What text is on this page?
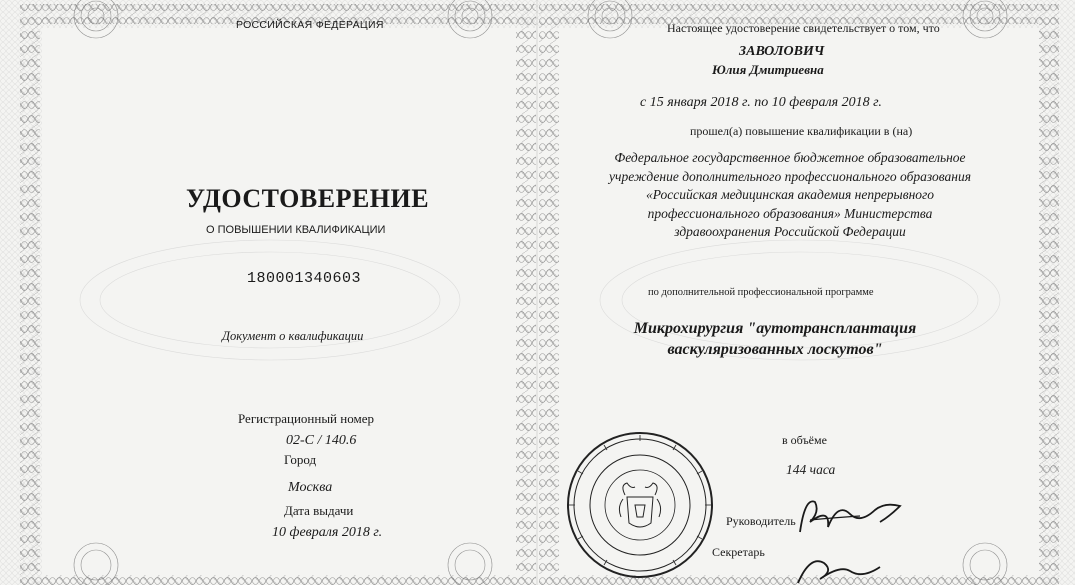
РОССИЙСКАЯ ФЕДЕРАЦИЯ
УДОСТОВЕРЕНИЕ
О ПОВЫШЕНИИ КВАЛИФИКАЦИИ
180001340603
Документ о квалификации
Регистрационный номер
02-С / 140.6
Город
Москва
Дата выдачи
10 февраля 2018 г.
Настоящее удостоверение свидетельствует о том, что
ЗАВОЛОВИЧ
Юлия Дмитриевна
с 15 января 2018 г. по 10 февраля 2018 г.
прошел(а) повышение квалификации в (на)
Федеральное государственное бюджетное образовательное
учреждение дополнительного профессионального образования
«Российская медицинская академия непрерывного
профессионального образования» Министерства
здравоохранения Российской Федерации
по дополнительной профессиональной программе
Микрохирургия "аутотрансплантация
васкуляризованных лоскутов"
в объёме
144 часа
Руководитель
Секретарь
